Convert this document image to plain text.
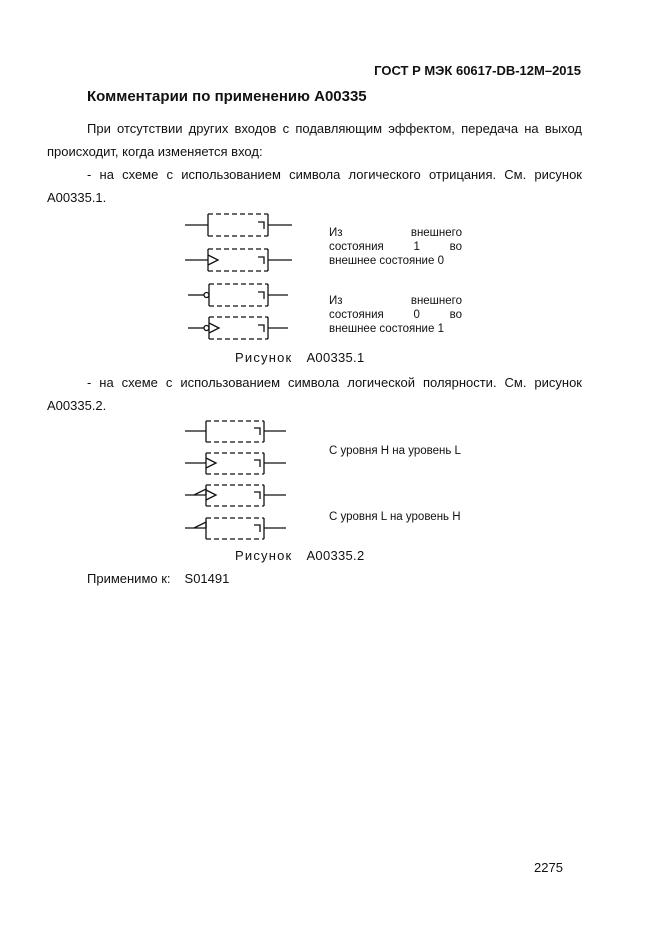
ГОСТ Р МЭК 60617-DB-12M–2015
Комментарии по применению A00335
При отсутствии других входов с подавляющим эффектом, передача на выход происходит, когда изменяется вход:
- на схеме с использованием символа логического отрицания. См. рисунок A00335.1.
Из	внешнего
состояния	1	во
внешнее состояние 0
Из	внешнего
состояния	0	во
внешнее состояние 1
Рисунок A00335.1
- на схеме с использованием символа логической полярности. См. рисунок A00335.2.
С уровня H на уровень L
С уровня L на уровень H
Рисунок A00335.2
Применимо к: S01491
2275
